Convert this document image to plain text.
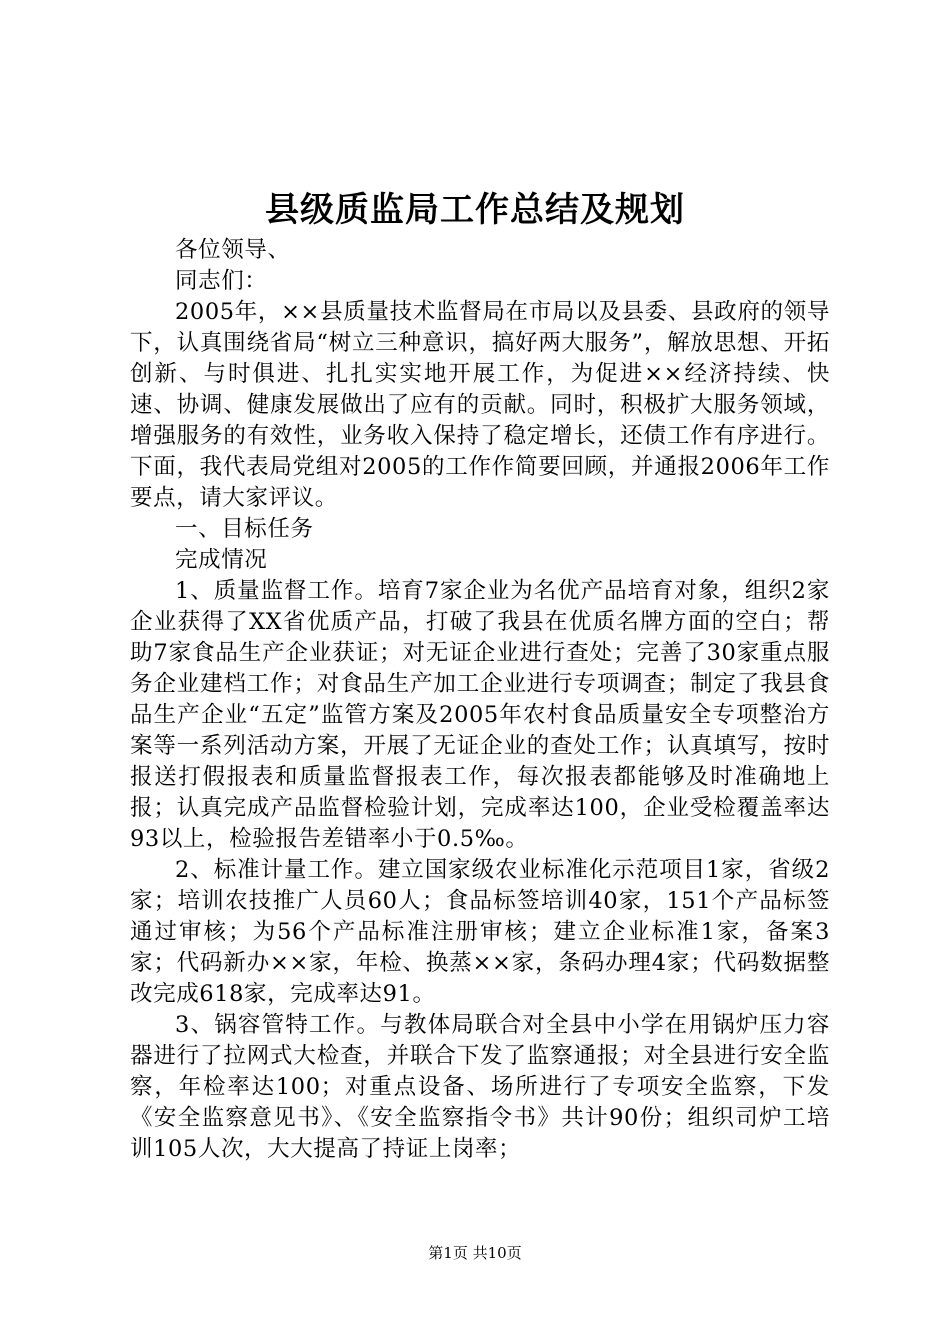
县级质监局工作总结及规划

各位领导、

同志们：

2005年，××县质量技术监督局在市局以及县委、县政府的领导下，认真围绕省局“树立三种意识，搞好两大服务”，解放思想、开拓创新、与时俱进、扎扎实实地开展工作，为促进××经济持续、快速、协调、健康发展做出了应有的贡献。同时，积极扩大服务领域，增强服务的有效性，业务收入保持了稳定增长，还债工作有序进行。下面，我代表局党组对2005的工作作简要回顾，并通报2006年工作要点，请大家评议。

一、目标任务

完成情况

1、质量监督工作。培育7家企业为名优产品培育对象，组织2家企业获得了XX省优质产品，打破了我县在优质名牌方面的空白；帮助7家食品生产企业获证；对无证企业进行查处；完善了30家重点服务企业建档工作；对食品生产加工企业进行专项调查；制定了我县食品生产企业“五定”监管方案及2005年农村食品质量安全专项整治方案等一系列活动方案，开展了无证企业的查处工作；认真填写，按时报送打假报表和质量监督报表工作，每次报表都能够及时准确地上报；认真完成产品监督检验计划，完成率达100，企业受检覆盖率达93以上，检验报告差错率小于0.5‰。

2、标准计量工作。建立国家级农业标准化示范项目1家，省级2家；培训农技推广人员60人；食品标签培训40家，151个产品标签通过审核；为56个产品标准注册审核；建立企业标准1家，备案3家；代码新办××家，年检、换蒸××家，条码办理4家；代码数据整改完成618家，完成率达91。

3、锅容管特工作。与教体局联合对全县中小学在用锅炉压力容器进行了拉网式大检查，并联合下发了监察通报；对全县进行安全监察，年检率达100；对重点设备、场所进行了专项安全监察，下发《安全监察意见书》、《安全监察指令书》共计90份；组织司炉工培训105人次，大大提高了持证上岗率；

第1页 共10页
